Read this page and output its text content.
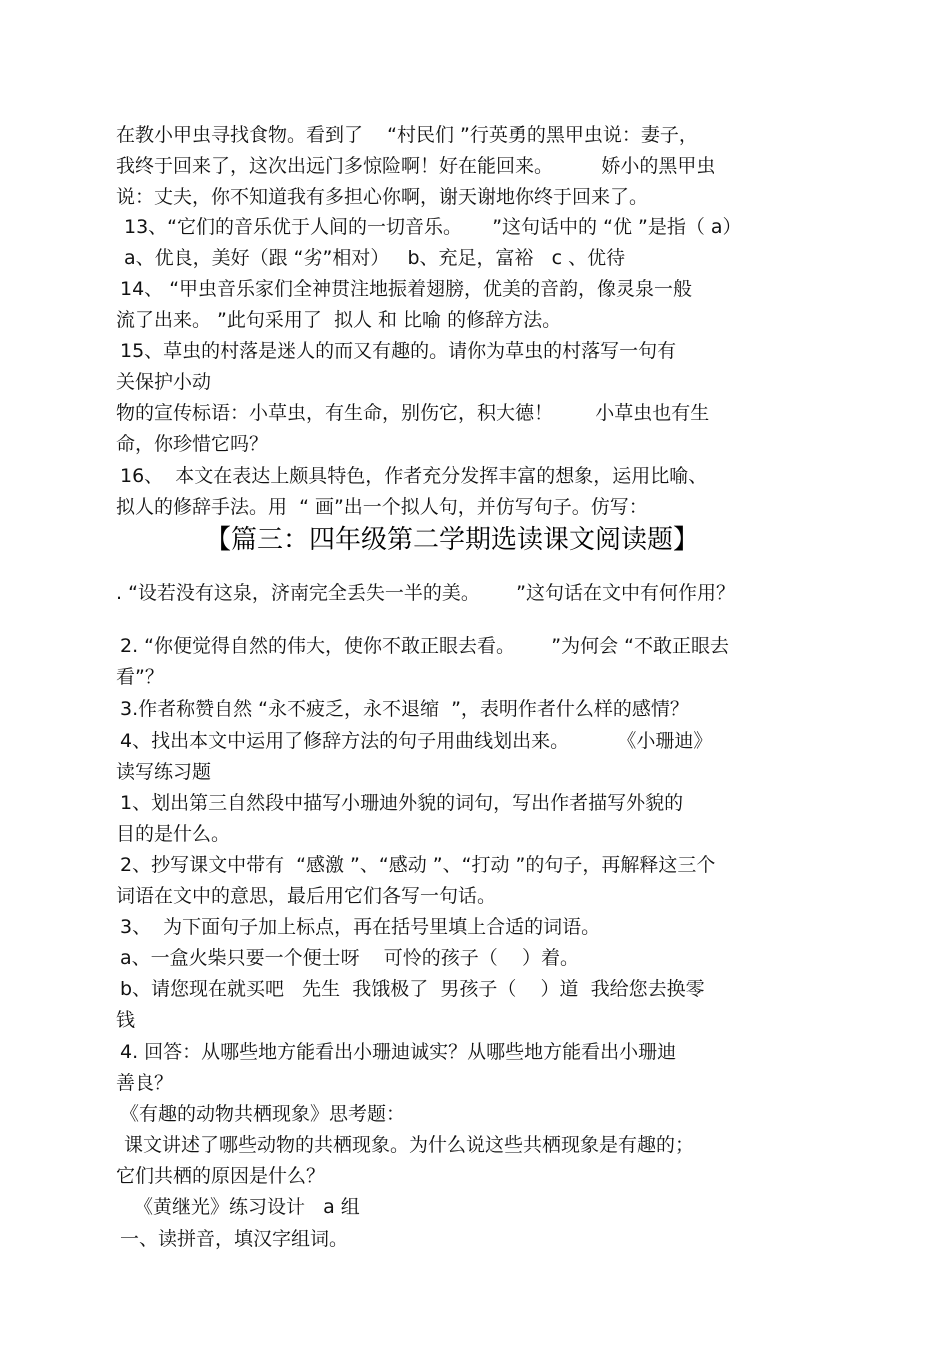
在教小甲虫寻找食物。看到了    “村民们 ”行英勇的黑甲虫说：妻子，
我终于回来了，这次出远门多惊险啊！好在能回来。        娇小的黑甲虫
说：丈夫，你不知道我有多担心你啊，谢天谢地你终于回来了。
13、“它们的音乐优于人间的一切音乐。     ”这句话中的 “优 ”是指（ a）
a、优良，美好（跟 “劣”相对）   b、充足，富裕   c 、优待
14、 “甲虫音乐家们全神贯注地振着翅膀，优美的音韵，像灵泉一般
流了出来。 ”此句采用了  拟人 和 比喻 的修辞方法。
15、草虫的村落是迷人的而又有趣的。请你为草虫的村落写一句有
关保护小动
物的宣传标语：小草虫，有生命，别伤它，积大德！       小草虫也有生
命，你珍惜它吗？
16、  本文在表达上颇具特色，作者充分发挥丰富的想象，运用比喻、
拟人的修辞手法。用  “ 画”出一个拟人句，并仿写句子。仿写：
【篇三：四年级第二学期选读课文阅读题】
. “设若没有这泉，济南完全丢失一半的美。      ”这句话在文中有何作用？
2. “你便觉得自然的伟大，使你不敢正眼去看。      ”为何会 “不敢正眼去
看”？
3.作者称赞自然 “永不疲乏，永不退缩  ”，表明作者什么样的感情？
4、找出本文中运用了修辞方法的句子用曲线划出来。        《小珊迪》
读写练习题
1、划出第三自然段中描写小珊迪外貌的词句，写出作者描写外貌的
目的是什么。
2、抄写课文中带有  “感激 ”、“感动 ”、“打动 ”的句子，再解释这三个
词语在文中的意思，最后用它们各写一句话。
3、  为下面句子加上标点，再在括号里填上合适的词语。
a、一盒火柴只要一个便士呀    可怜的孩子（    ）着。
b、请您现在就买吧   先生  我饿极了  男孩子（    ）道  我给您去换零
钱
4. 回答：从哪些地方能看出小珊迪诚实？从哪些地方能看出小珊迪
善良？
《有趣的动物共栖现象》思考题：
课文讲述了哪些动物的共栖现象。为什么说这些共栖现象是有趣的；
它们共栖的原因是什么？
《黄继光》练习设计   a 组
一、读拼音，填汉字组词。
